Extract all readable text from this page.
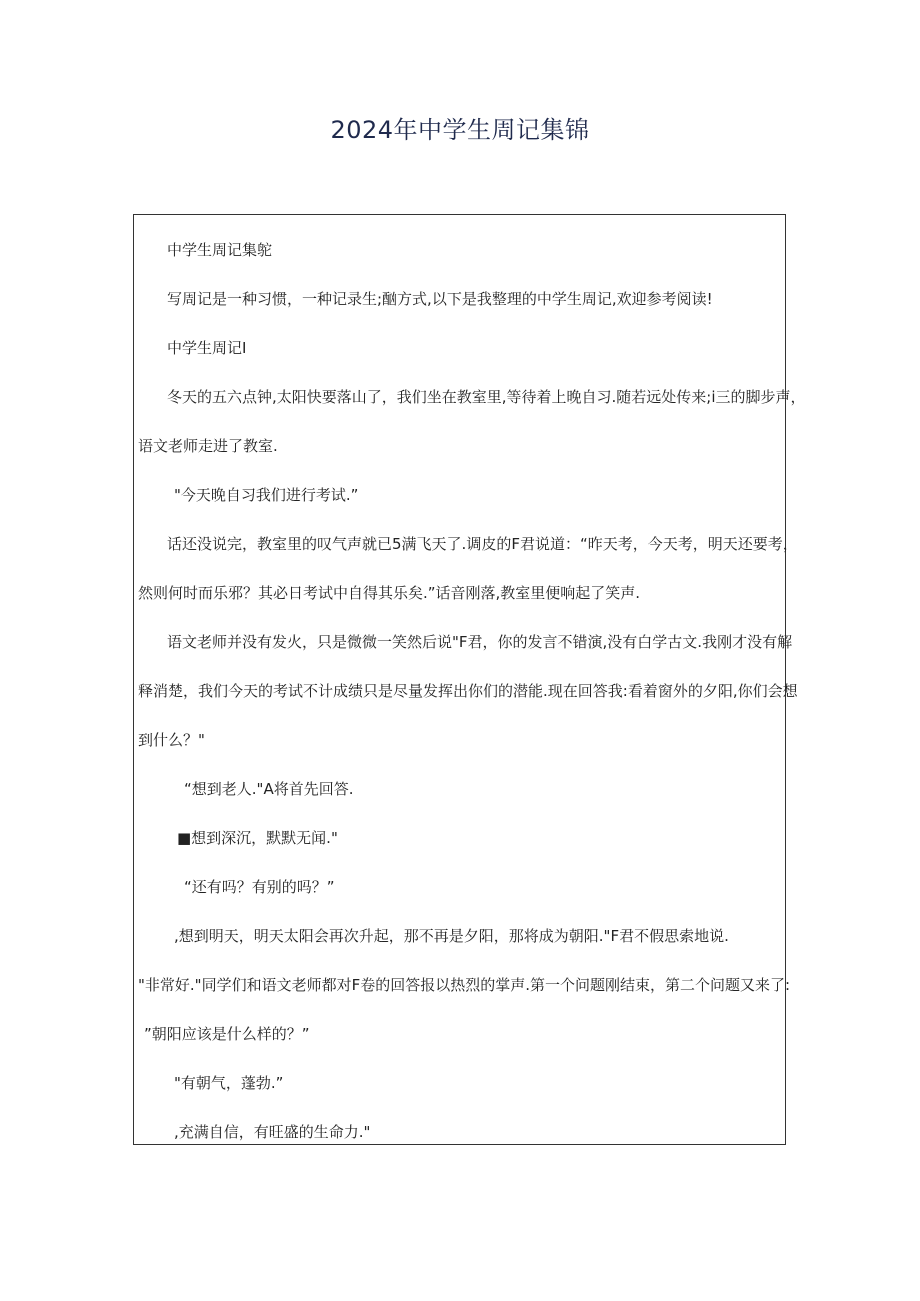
2024年中学生周记集锦
中学生周记集鸵
写周记是一种习惯，一种记录生;酗方式,以下是我整理的中学生周记,欢迎参考阅读!
中学生周记I
冬天的五六点钟,太阳快要落山了，我们坐在教室里,等待着上晚自习.随若远处传来;i三的脚步声，
语文老师走进了教室.
"今天晚自习我们进行考试.”
话还没说完，教室里的叹气声就已5满飞天了.调皮的F君说道：“昨天考，今天考，明天还要考，
然则何时而乐邪？其必日考试中自得其乐矣.”话音刚落,教室里便响起了笑声.
语文老师并没有发火，只是微微一笑然后说"F君，你的发言不错演,没有白学古文.我刚才没有解
释消楚，我们今天的考试不计成绩只是尽量发挥出你们的潜能.现在回答我:看着窗外的夕阳,你们会想
到什么？"
“想到老人."A将首先回答.
■想到深沉，默默无闻."
“还有吗？有别的吗？”
,想到明天，明天太阳会再次升起，那不再是夕阳，那将成为朝阳."F君不假思索地说.
"非常好."同学们和语文老师都对F卷的回答报以热烈的掌声.第一个问题刚结束，第二个问题又来了:
”朝阳应该是什么样的？”
"有朝气，蓬勃.”
,充满自信，有旺盛的生命力."
